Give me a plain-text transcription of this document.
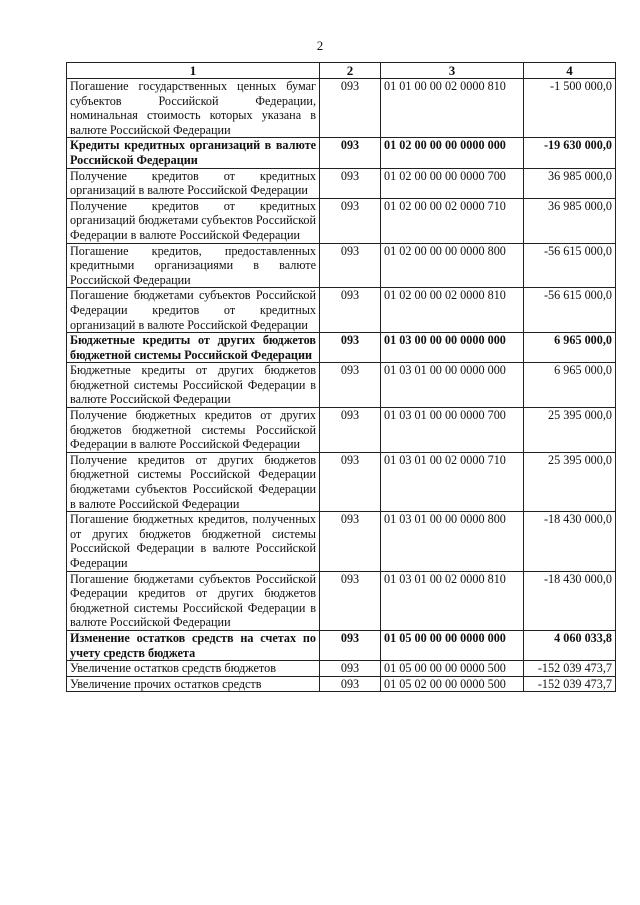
2
1	2	3	4
Погашение государственных ценных бумаг субъектов Российской Федерации, номинальная стоимость которых указана в валюте Российской Федерации	093	01 01 00 00 02 0000 810	-1 500 000,0
Кредиты кредитных организаций в валюте Российской Федерации	093	01 02 00 00 00 0000 000	-19 630 000,0
Получение кредитов от кредитных организаций в валюте Российской Федерации	093	01 02 00 00 00 0000 700	36 985 000,0
Получение кредитов от кредитных организаций бюджетами субъектов Российской Федерации в валюте Российской Федерации	093	01 02 00 00 02 0000 710	36 985 000,0
Погашение кредитов, предоставленных кредитными организациями в валюте Российской Федерации	093	01 02 00 00 00 0000 800	-56 615 000,0
Погашение бюджетами субъектов Российской Федерации кредитов от кредитных организаций в валюте Российской Федерации	093	01 02 00 00 02 0000 810	-56 615 000,0
Бюджетные кредиты от других бюджетов бюджетной системы Российской Федерации	093	01 03 00 00 00 0000 000	6 965 000,0
Бюджетные кредиты от других бюджетов бюджетной системы Российской Федерации в валюте Российской Федерации	093	01 03 01 00 00 0000 000	6 965 000,0
Получение бюджетных кредитов от других бюджетов бюджетной системы Российской Федерации в валюте Российской Федерации	093	01 03 01 00 00 0000 700	25 395 000,0
Получение кредитов от других бюджетов бюджетной системы Российской Федерации бюджетами субъектов Российской Федерации в валюте Российской Федерации	093	01 03 01 00 02 0000 710	25 395 000,0
Погашение бюджетных кредитов, полученных от других бюджетов бюджетной системы Российской Федерации в валюте Российской Федерации	093	01 03 01 00 00 0000 800	-18 430 000,0
Погашение бюджетами субъектов Российской Федерации кредитов от других бюджетов бюджетной системы Российской Федерации в валюте Российской Федерации	093	01 03 01 00 02 0000 810	-18 430 000,0
Изменение остатков средств на счетах по учету средств бюджета	093	01 05 00 00 00 0000 000	4 060 033,8
Увеличение остатков средств бюджетов	093	01 05 00 00 00 0000 500	-152 039 473,7
Увеличение прочих остатков средств	093	01 05 02 00 00 0000 500	-152 039 473,7
